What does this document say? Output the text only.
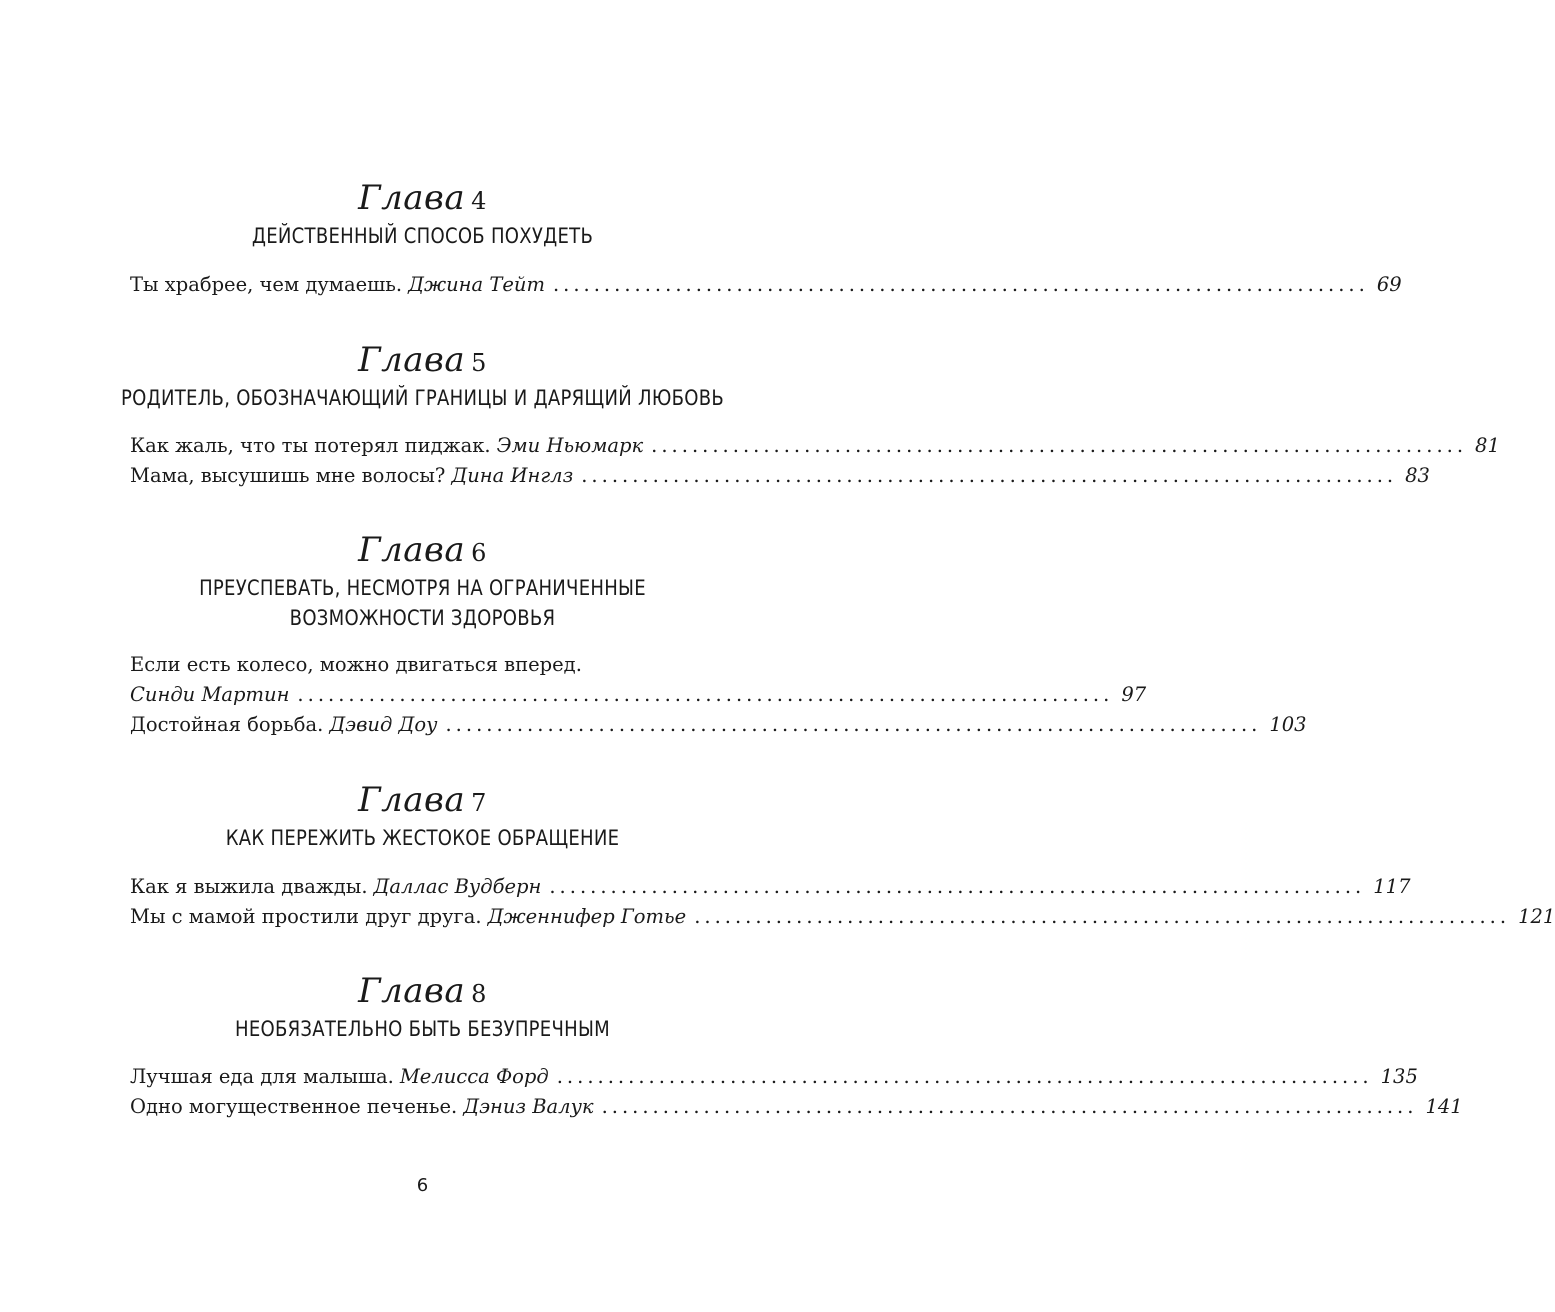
Глава 4
ДЕЙСТВЕННЫЙ СПОСОБ ПОХУДЕТЬ
Ты храбрее, чем думаешь. Джина Тейт ................................................................................ 69
Глава 5
РОДИТЕЛЬ, ОБОЗНАЧАЮЩИЙ ГРАНИЦЫ И ДАРЯЩИЙ ЛЮБОВЬ
Как жаль, что ты потерял пиджак. Эми Ньюмарк ................................................................................ 81
Мама, высушишь мне волосы? Дина Инглз ................................................................................ 83
Глава 6
ПРЕУСПЕВАТЬ, НЕСМОТРЯ НА ОГРАНИЧЕННЫЕ
ВОЗМОЖНОСТИ ЗДОРОВЬЯ
Если есть колесо, можно двигаться вперед.
Синди Мартин ................................................................................ 97
Достойная борьба. Дэвид Доу ................................................................................ 103
Глава 7
КАК ПЕРЕЖИТЬ ЖЕСТОКОЕ ОБРАЩЕНИЕ
Как я выжила дважды. Даллас Вудберн ................................................................................ 117
Мы с мамой простили друг друга. Дженнифер Готье ................................................................................ 121
Глава 8
НЕОБЯЗАТЕЛЬНО БЫТЬ БЕЗУПРЕЧНЫМ
Лучшая еда для малыша. Мелисса Форд ................................................................................ 135
Одно могущественное печенье. Дэниз Валук ................................................................................ 141
6
